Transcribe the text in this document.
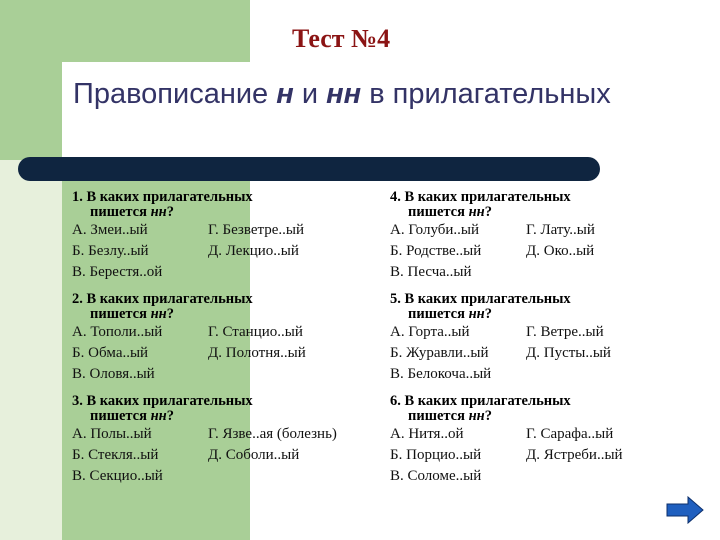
Тест №4
Правописание н и нн в прилагательных
1. В каких прилагательных
пишется нн?
А. Змеи..ый	Г. Безветре..ый
Б. Безлу..ый	Д. Лекцио..ый
В. Берестя..ой
2. В каких прилагательных
пишется нн?
А. Тополи..ый	Г. Станцио..ый
Б. Обма..ый	Д. Полотня..ый
В. Оловя..ый
3. В каких прилагательных
пишется нн?
А. Полы..ый	Г. Язве..ая (болезнь)
Б. Стекля..ый	Д. Соболи..ый
В. Секцио..ый
4. В каких прилагательных
пишется нн?
А. Голуби..ый	Г. Лату..ый
Б. Родстве..ый	Д. Око..ый
В. Песча..ый
5. В каких прилагательных
пишется нн?
А. Горта..ый	Г. Ветре..ый
Б. Журавли..ый	Д. Пусты..ый
В. Белокоча..ый
6. В каких прилагательных
пишется нн?
А. Нитя..ой	Г. Сарафа..ый
Б. Порцио..ый	Д. Ястреби..ый
В. Соломе..ый
